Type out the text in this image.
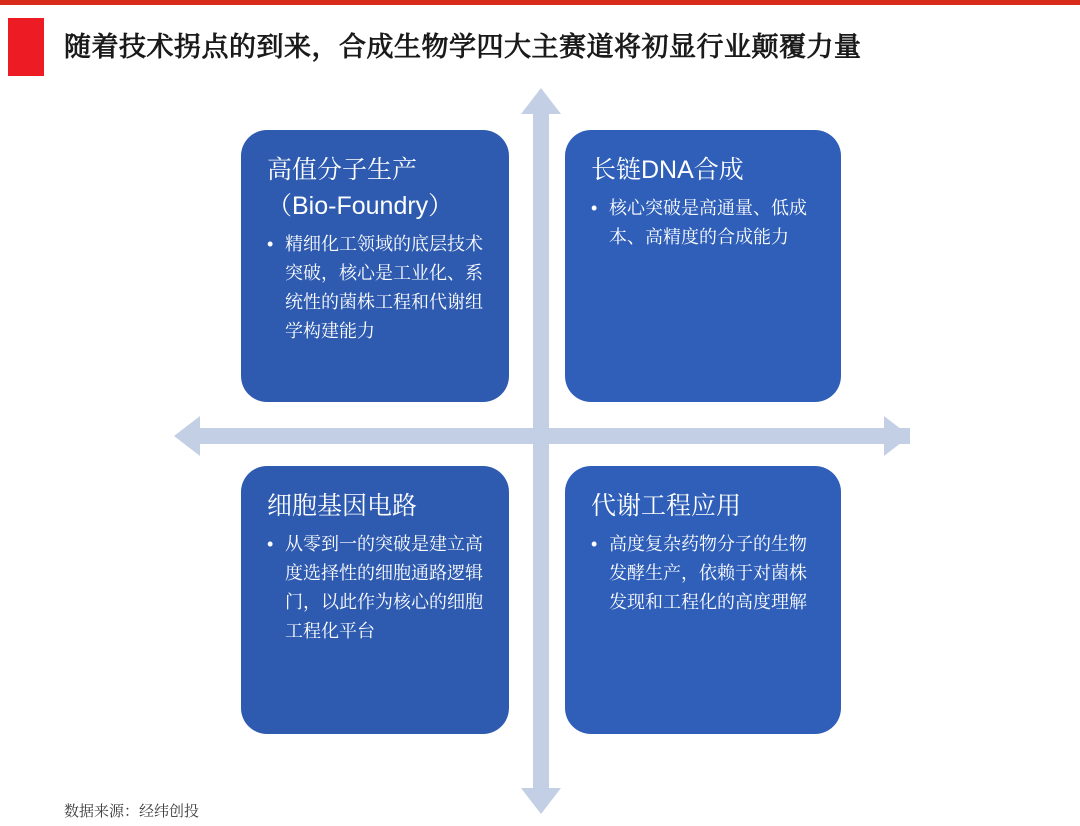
随着技术拐点的到来，合成生物学四大主赛道将初显行业颠覆力量
高值分子生产
（Bio-Foundry）
• 精细化工领域的底层技术突破，核心是工业化、系统性的菌株工程和代谢组学构建能力
长链DNA合成
• 核心突破是高通量、低成本、高精度的合成能力
细胞基因电路
• 从零到一的突破是建立高度选择性的细胞通路逻辑门，以此作为核心的细胞工程化平台
代谢工程应用
• 高度复杂药物分子的生物发酵生产，依赖于对菌株发现和工程化的高度理解
数据来源：经纬创投
